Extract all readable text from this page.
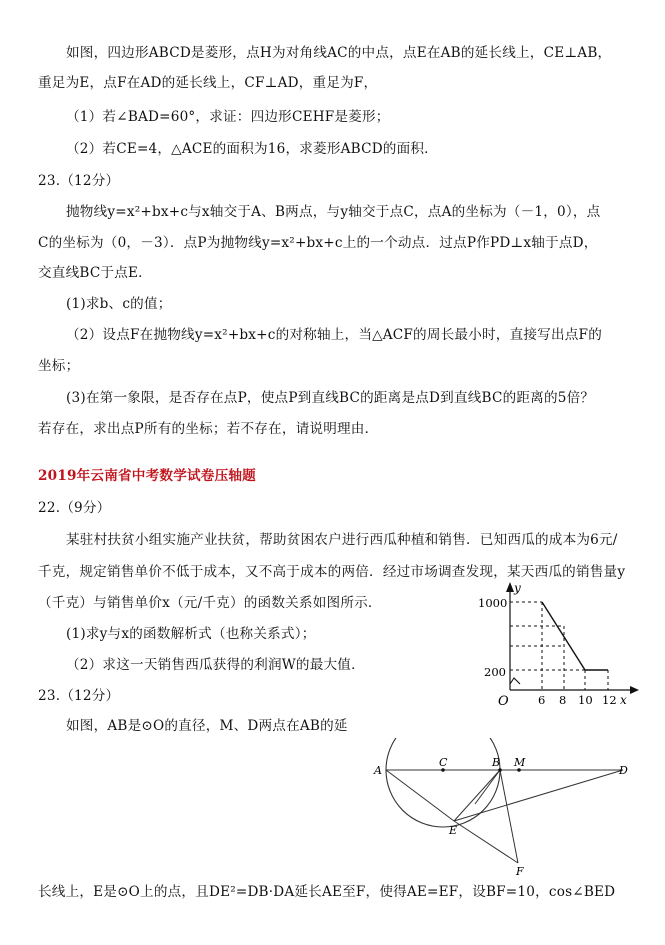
如图，四边形ABCD是菱形，点H为对角线AC的中点，点E在AB的延长线上，CE⊥AB，
重足为E，点F在AD的延长线上，CF⊥AD，重足为F，
（1）若∠BAD=60°，求证：四边形CEHF是菱形；
（2）若CE=4，△ACE的面积为16，求菱形ABCD的面积．
23.（12分）
抛物线y=x²+bx+c与x轴交于A、B两点，与y轴交于点C，点A的坐标为（－1，0），点
C的坐标为（0，－3）．点P为抛物线y=x²+bx+c上的一个动点．过点P作PD⊥x轴于点D，
交直线BC于点E．
(1)求b、c的值；
（2）设点F在抛物线y=x²+bx+c的对称轴上，当△ACF的周长最小时，直接写出点F的
坐标；
(3)在第一象限，是否存在点P，使点P到直线BC的距离是点D到直线BC的距离的5倍？
若存在，求出点P所有的坐标；若不存在，请说明理由．
2019年云南省中考数学试卷压轴题
22.（9分）
某驻村扶贫小组实施产业扶贫，帮助贫困农户进行西瓜种植和销售．已知西瓜的成本为6元/
千克，规定销售单价不低于成本，又不高于成本的两倍．经过市场调查发现，某天西瓜的销售量y
（千克）与销售单价x（元/千克）的函数关系如图所示．
(1)求y与x的函数解析式（也称关系式）；
（2）求这一天销售西瓜获得的利润W的最大值．
23.（12分）
如图，AB是⊙O的直径，M、D两点在AB的延
长线上，E是⊙O上的点，且DE²=DB·DA延长AE至F，使得AE=EF，设BF=10，cos∠BED
y
x
O
1000
200
6 8 10 12
A
C	B M
D
E
F
